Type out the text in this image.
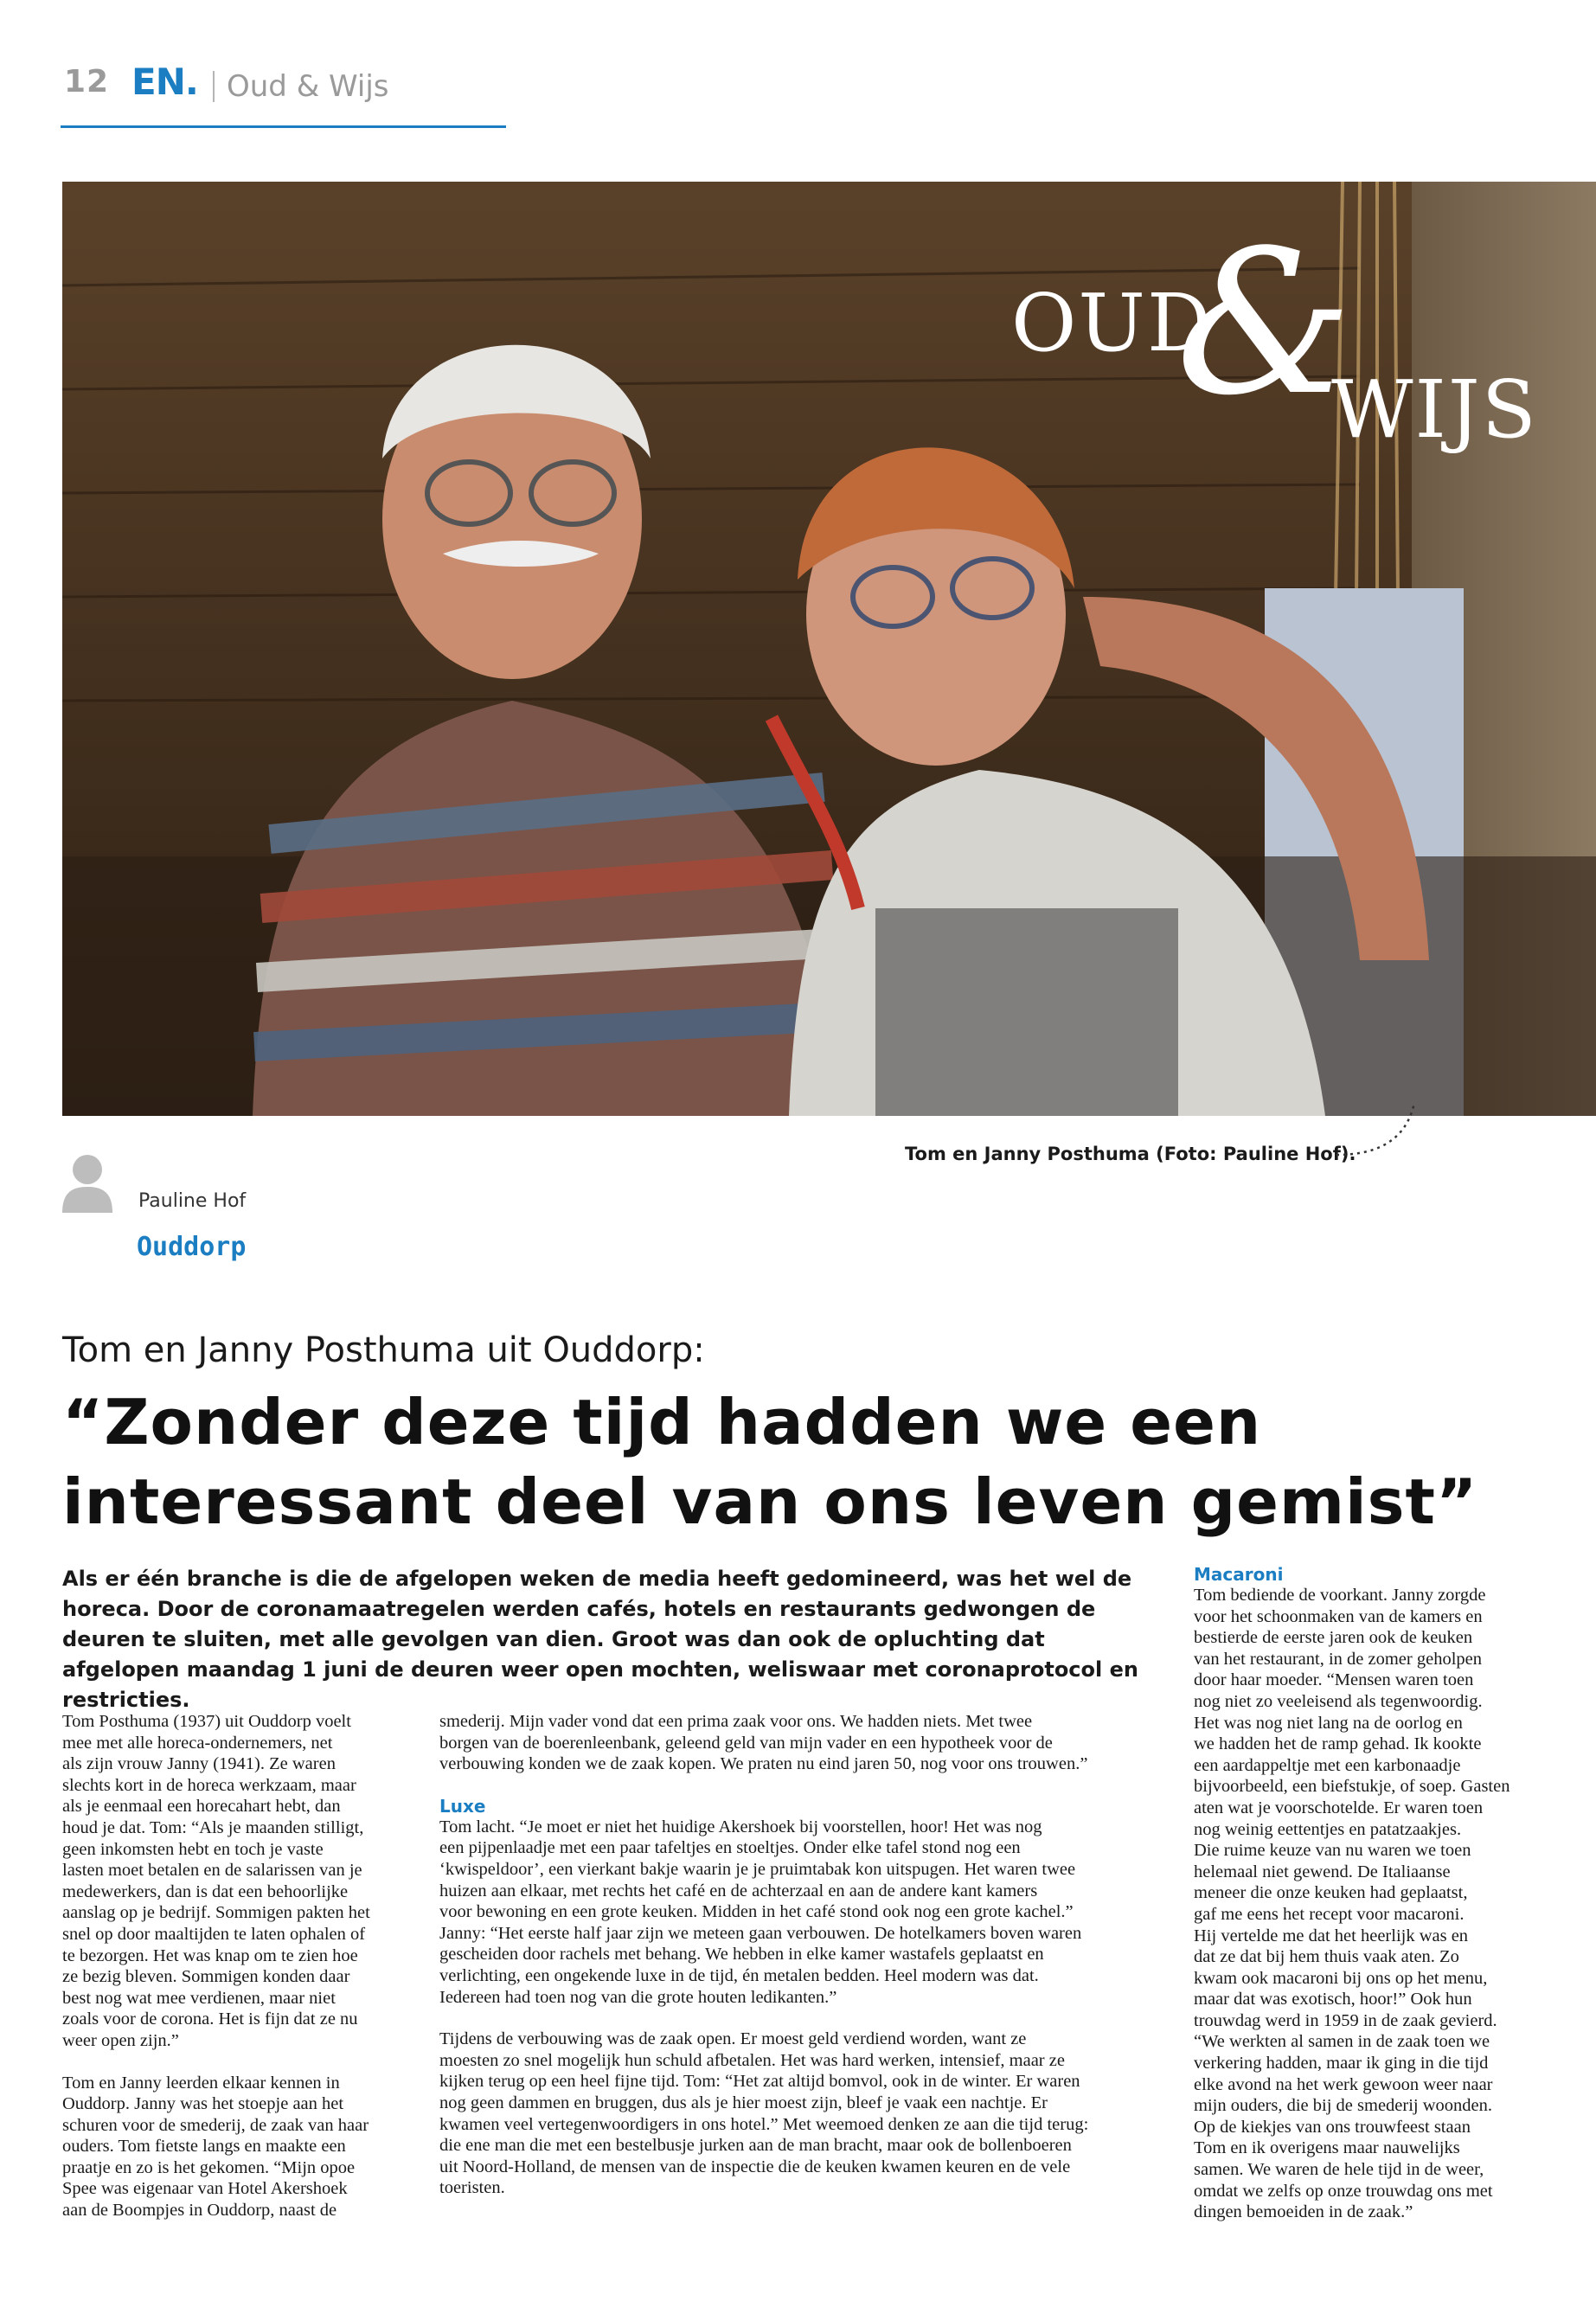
12 EN. Oud & Wijs
OUD
&
WIJS
Tom en Janny Posthuma (Foto: Pauline Hof).
Pauline Hof
Ouddorp
Tom en Janny Posthuma uit Ouddorp:
“Zonder deze tijd hadden we een interessant deel van ons leven gemist”

Als er één branche is die de afgelopen weken de media heeft gedomineerd, was het wel de horeca. Door de coronamaatregelen werden cafés, hotels en restaurants gedwongen de deuren te sluiten, met alle gevolgen van dien. Groot was dan ook de opluchting dat afgelopen maandag 1 juni de deuren weer open mochten, weliswaar met coronaprotocol en restricties.

Tom Posthuma (1937) uit Ouddorp voelt
mee met alle horeca-ondernemers, net
als zijn vrouw Janny (1941). Ze waren
slechts kort in de horeca werkzaam, maar
als je eenmaal een horecahart hebt, dan
houd je dat. Tom: “Als je maanden stilligt,
geen inkomsten hebt en toch je vaste
lasten moet betalen en de salarissen van je
medewerkers, dan is dat een behoorlijke
aanslag op je bedrijf. Sommigen pakten het
snel op door maaltijden te laten ophalen of
te bezorgen. Het was knap om te zien hoe
ze bezig bleven. Sommigen konden daar
best nog wat mee verdienen, maar niet
zoals voor de corona. Het is fijn dat ze nu
weer open zijn.”

Tom en Janny leerden elkaar kennen in
Ouddorp. Janny was het stoepje aan het
schuren voor de smederij, de zaak van haar
ouders. Tom fietste langs en maakte een
praatje en zo is het gekomen. “Mijn opoe
Spee was eigenaar van Hotel Akershoek
aan de Boompjes in Ouddorp, naast de

smederij. Mijn vader vond dat een prima zaak voor ons. We hadden niets. Met twee
borgen van de boerenleenbank, geleend geld van mijn vader en een hypotheek voor de
verbouwing konden we de zaak kopen. We praten nu eind jaren 50, nog voor ons trouwen.”

Luxe

Tom lacht. “Je moet er niet het huidige Akershoek bij voorstellen, hoor! Het was nog
een pijpenlaadje met een paar tafeltjes en stoeltjes. Onder elke tafel stond nog een
‘kwispeldoor’, een vierkant bakje waarin je je pruimtabak kon uitspugen. Het waren twee
huizen aan elkaar, met rechts het café en de achterzaal en aan de andere kant kamers
voor bewoning en een grote keuken. Midden in het café stond ook nog een grote kachel.”
Janny: “Het eerste half jaar zijn we meteen gaan verbouwen. De hotelkamers boven waren
gescheiden door rachels met behang. We hebben in elke kamer wastafels geplaatst en
verlichting, een ongekende luxe in de tijd, én metalen bedden. Heel modern was dat.
Iedereen had toen nog van die grote houten ledikanten.”

Tijdens de verbouwing was de zaak open. Er moest geld verdiend worden, want ze
moesten zo snel mogelijk hun schuld afbetalen. Het was hard werken, intensief, maar ze
kijken terug op een heel fijne tijd. Tom: “Het zat altijd bomvol, ook in de winter. Er waren
nog geen dammen en bruggen, dus als je hier moest zijn, bleef je vaak een nachtje. Er
kwamen veel vertegenwoordigers in ons hotel.” Met weemoed denken ze aan die tijd terug:
die ene man die met een bestelbusje jurken aan de man bracht, maar ook de bollenboeren
uit Noord-Holland, de mensen van de inspectie die de keuken kwamen keuren en de vele
toeristen.

Macaroni

Tom bediende de voorkant. Janny zorgde
voor het schoonmaken van de kamers en
bestierde de eerste jaren ook de keuken
van het restaurant, in de zomer geholpen
door haar moeder. “Mensen waren toen
nog niet zo veeleisend als tegenwoordig.
Het was nog niet lang na de oorlog en
we hadden het de ramp gehad. Ik kookte
een aardappeltje met een karbonaadje
bijvoorbeeld, een biefstukje, of soep. Gasten
aten wat je voorschotelde. Er waren toen
nog weinig eettentjes en patatzaakjes.
Die ruime keuze van nu waren we toen
helemaal niet gewend. De Italiaanse
meneer die onze keuken had geplaatst,
gaf me eens het recept voor macaroni.
Hij vertelde me dat het heerlijk was en
dat ze dat bij hem thuis vaak aten. Zo
kwam ook macaroni bij ons op het menu,
maar dat was exotisch, hoor!” Ook hun
trouwdag werd in 1959 in de zaak gevierd.
“We werkten al samen in de zaak toen we
verkering hadden, maar ik ging in die tijd
elke avond na het werk gewoon weer naar
mijn ouders, die bij de smederij woonden.
Op de kiekjes van ons trouwfeest staan
Tom en ik overigens maar nauwelijks
samen. We waren de hele tijd in de weer,
omdat we zelfs op onze trouwdag ons met
dingen bemoeiden in de zaak.”
